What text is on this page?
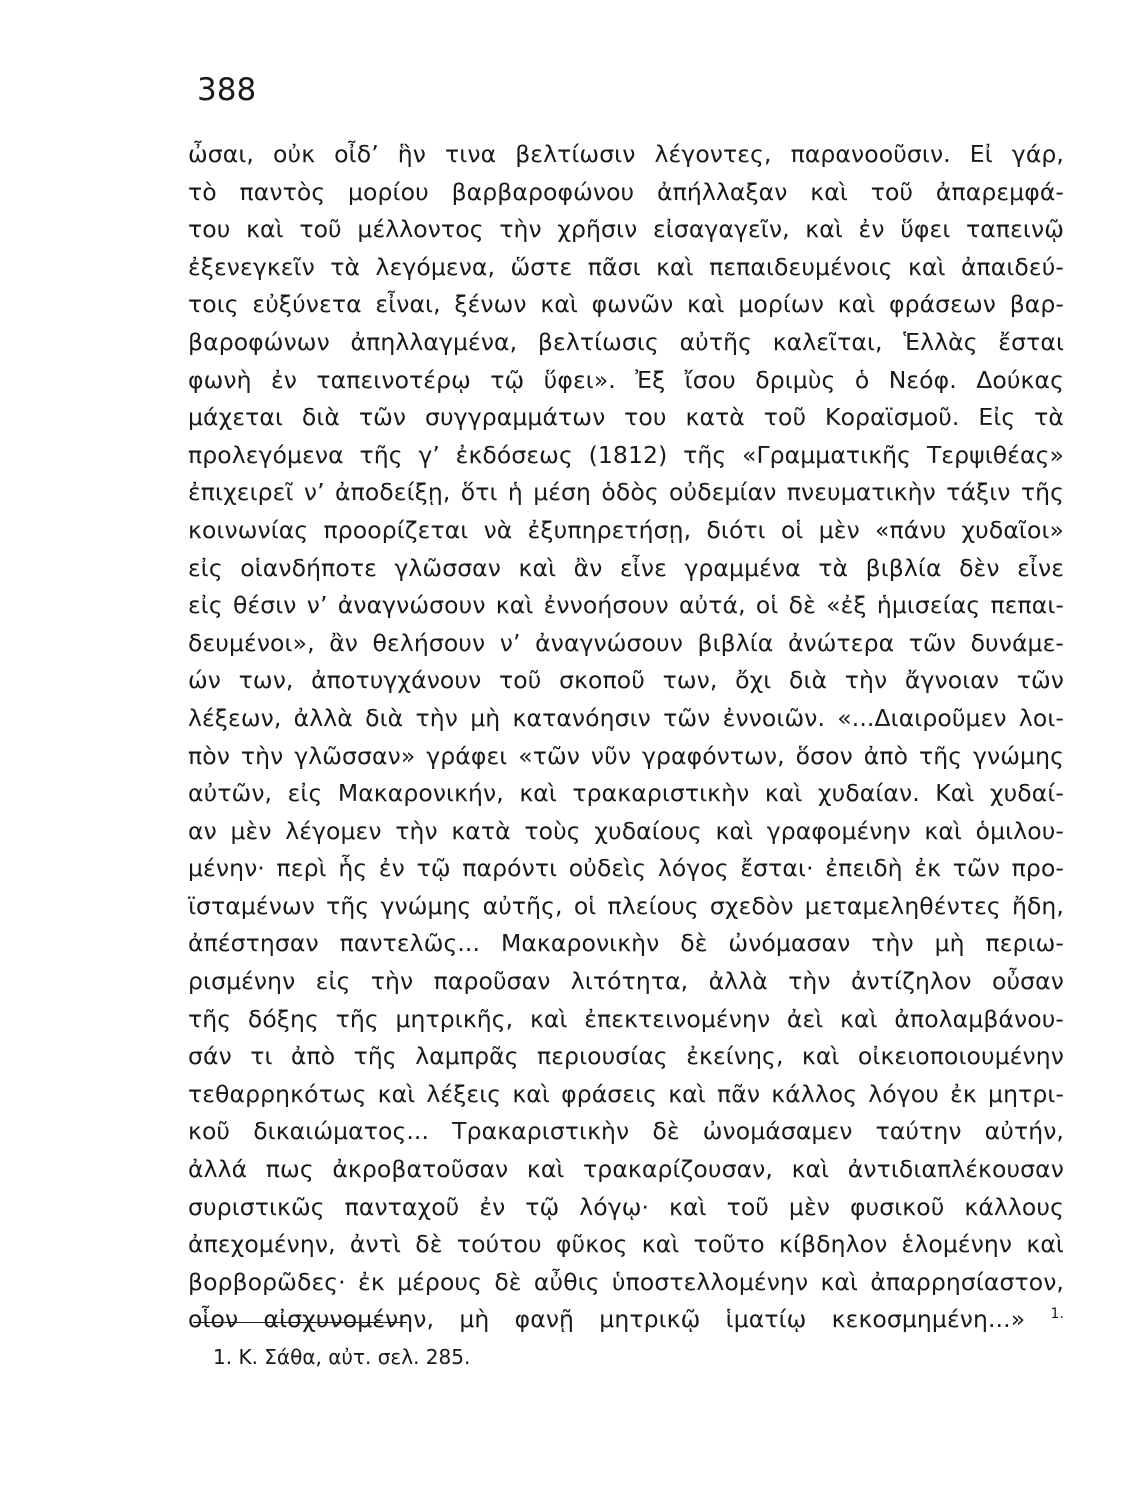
388
ὦσαι, οὐκ οἶδ’ ἣν τινα βελτίωσιν λέγοντες, παρανοοῦσιν. Εἰ γάρ,
τὸ παντὸς μορίου βαρβαροφώνου ἀπήλλαξαν καὶ τοῦ ἀπαρεμφά-
του καὶ τοῦ μέλλοντος τὴν χρῆσιν εἰσαγαγεῖν, καὶ ἐν ὕφει ταπεινῷ
ἐξενεγκεῖν τὰ λεγόμενα, ὥστε πᾶσι καὶ πεπαιδευμένοις καὶ ἀπαιδεύ-
τοις εὐξύνετα εἶναι, ξένων καὶ φωνῶν καὶ μορίων καὶ φράσεων βαρ-
βαροφώνων ἀπηλλαγμένα, βελτίωσις αὐτῆς καλεῖται, Ἑλλὰς ἔσται
φωνὴ ἐν ταπεινοτέρῳ τῷ ὕφει». Ἐξ ἴσου δριμὺς ὁ Νεόφ. Δούκας
μάχεται διὰ τῶν συγγραμμάτων του κατὰ τοῦ Κοραϊσμοῦ. Εἰς τὰ
προλεγόμενα τῆς γ’ ἐκδόσεως (1812) τῆς «Γραμματικῆς Τερψιθέας»
ἐπιχειρεῖ ν’ ἀποδείξῃ, ὅτι ἡ μέση ὁδὸς οὐδεμίαν πνευματικὴν τάξιν τῆς
κοινωνίας προορίζεται νὰ ἐξυπηρετήσῃ, διότι οἱ μὲν «πάνυ χυδαῖοι»
εἰς οἱανδήποτε γλῶσσαν καὶ ἂν εἶνε γραμμένα τὰ βιβλία δὲν εἶνε
εἰς θέσιν ν’ ἀναγνώσουν καὶ ἐννοήσουν αὐτά, οἱ δὲ «ἐξ ἡμισείας πεπαι-
δευμένοι», ἂν θελήσουν ν’ ἀναγνώσουν βιβλία ἀνώτερα τῶν δυνάμε-
ών των, ἀποτυγχάνουν τοῦ σκοποῦ των, ὄχι διὰ τὴν ἄγνοιαν τῶν
λέξεων, ἀλλὰ διὰ τὴν μὴ κατανόησιν τῶν ἐννοιῶν. «...Διαιροῦμεν λοι-
πὸν τὴν γλῶσσαν» γράφει «τῶν νῦν γραφόντων, ὅσον ἀπὸ τῆς γνώμης
αὐτῶν, εἰς Μακαρονικήν, καὶ τρακαριστικὴν καὶ χυδαίαν. Καὶ χυδαί-
αν μὲν λέγομεν τὴν κατὰ τοὺς χυδαίους καὶ γραφομένην καὶ ὁμιλου-
μένην· περὶ ἧς ἐν τῷ παρόντι οὐδεὶς λόγος ἔσται· ἐπειδὴ ἐκ τῶν προ-
ϊσταμένων τῆς γνώμης αὐτῆς, οἱ πλείους σχεδὸν μεταμεληθέντες ἤδη,
ἀπέστησαν παντελῶς... Μακαρονικὴν δὲ ὠνόμασαν τὴν μὴ περιω-
ρισμένην εἰς τὴν παροῦσαν λιτότητα, ἀλλὰ τὴν ἀντίζηλον οὖσαν
τῆς δόξης τῆς μητρικῆς, καὶ ἐπεκτεινομένην ἀεὶ καὶ ἀπολαμβάνου-
σάν τι ἀπὸ τῆς λαμπρᾶς περιουσίας ἐκείνης, καὶ οἰκειοποιουμένην
τεθαρρηκότως καὶ λέξεις καὶ φράσεις καὶ πᾶν κάλλος λόγου ἐκ μητρι-
κοῦ δικαιώματος... Τρακαριστικὴν δὲ ὠνομάσαμεν ταύτην αὐτήν,
ἀλλά πως ἀκροβατοῦσαν καὶ τρακαρίζουσαν, καὶ ἀντιδιαπλέκουσαν
συριστικῶς πανταχοῦ ἐν τῷ λόγῳ· καὶ τοῦ μὲν φυσικοῦ κάλλους
ἀπεχομένην, ἀντὶ δὲ τούτου φῦκος καὶ τοῦτο κίβδηλον ἑλομένην καὶ
βορβορῶδες· ἐκ μέρους δὲ αὖθις ὑποστελλομένην καὶ ἀπαρρησίαστον,
οἷον αἰσχυνομένην, μὴ φανῇ μητρικῷ ἱματίῳ κεκοσμημένη...» $^{1.}$
1. Κ. Σάθα, αὐτ. σελ. 285.
